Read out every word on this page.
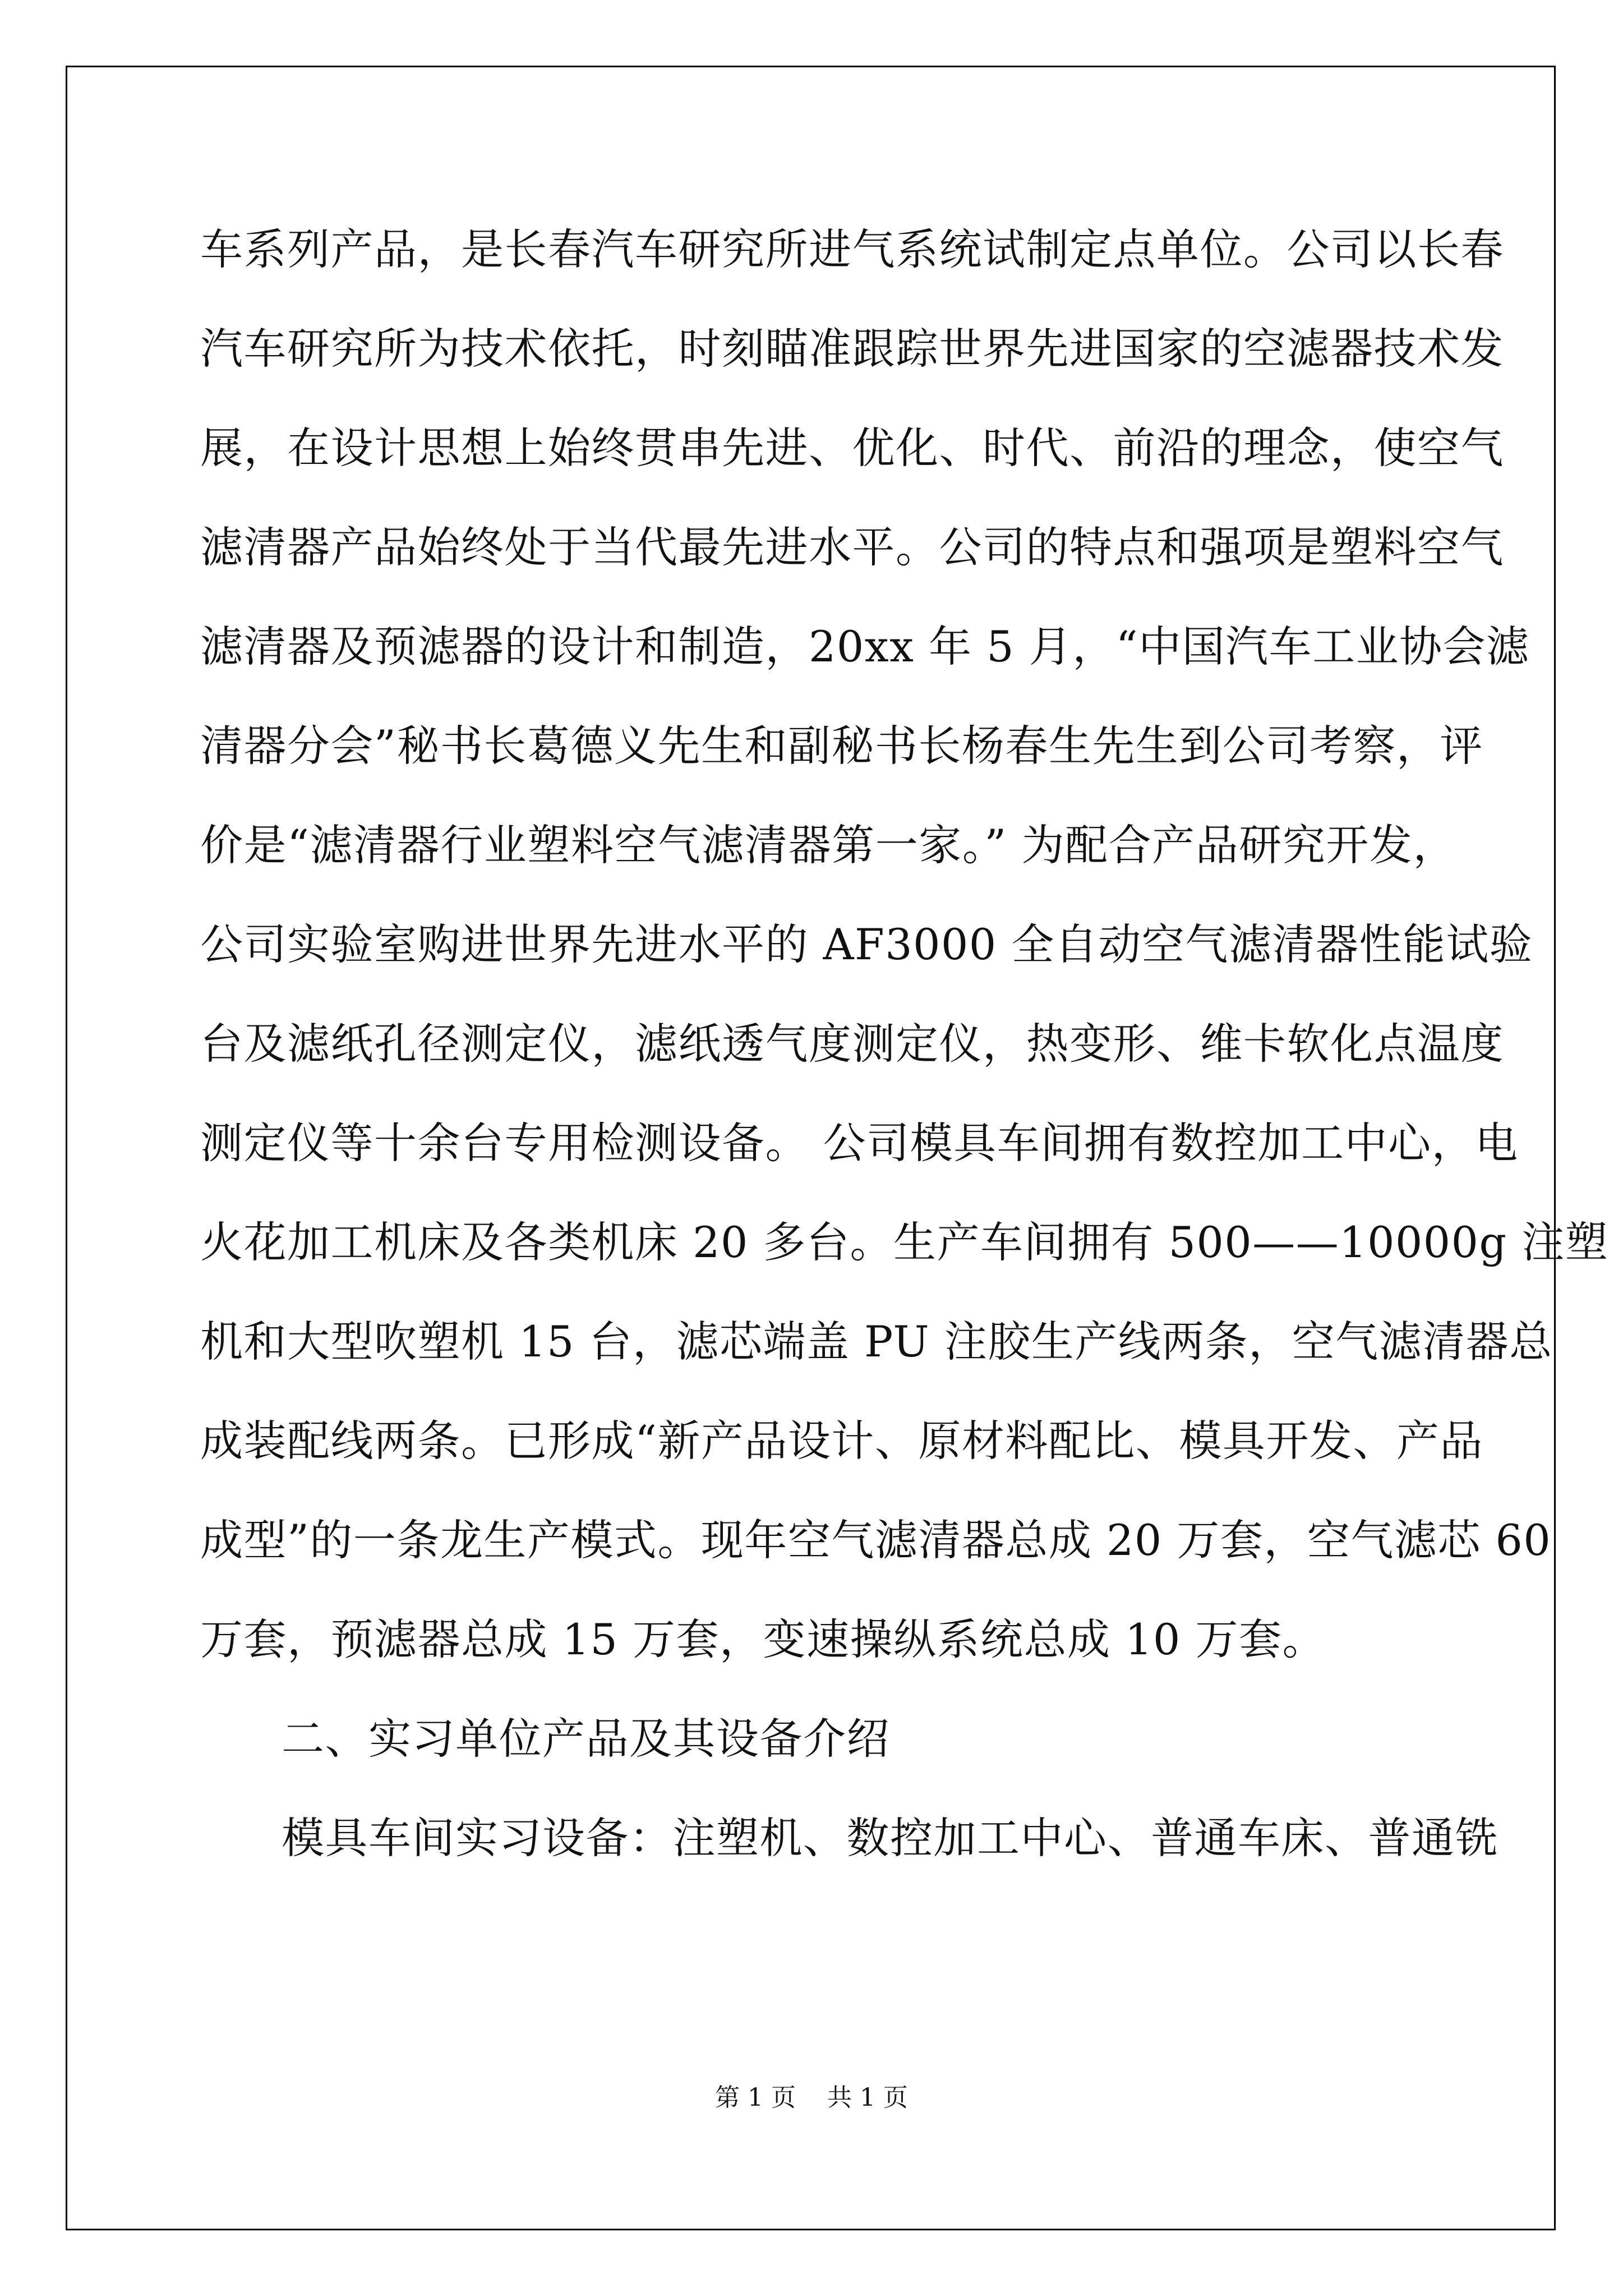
车系列产品，是长春汽车研究所进气系统试制定点单位。公司以长春
汽车研究所为技术依托，时刻瞄准跟踪世界先进国家的空滤器技术发
展，在设计思想上始终贯串先进、优化、时代、前沿的理念，使空气
滤清器产品始终处于当代最先进水平。公司的特点和强项是塑料空气
滤清器及预滤器的设计和制造，20xx 年 5 月，“中国汽车工业协会滤
清器分会”秘书长葛德义先生和副秘书长杨春生先生到公司考察，评
价是“滤清器行业塑料空气滤清器第一家。” 为配合产品研究开发，
公司实验室购进世界先进水平的 AF3000 全自动空气滤清器性能试验
台及滤纸孔径测定仪，滤纸透气度测定仪，热变形、维卡软化点温度
测定仪等十余台专用检测设备。 公司模具车间拥有数控加工中心，电
火花加工机床及各类机床 20 多台。生产车间拥有 500——10000g 注塑
机和大型吹塑机 15 台，滤芯端盖 PU 注胶生产线两条，空气滤清器总
成装配线两条。已形成“新产品设计、原材料配比、模具开发、产品
成型”的一条龙生产模式。现年空气滤清器总成 20 万套，空气滤芯 60
万套，预滤器总成 15 万套，变速操纵系统总成 10 万套。
二、实习单位产品及其设备介绍
模具车间实习设备：注塑机、数控加工中心、普通车床、普通铣
第 1 页    共 1 页
